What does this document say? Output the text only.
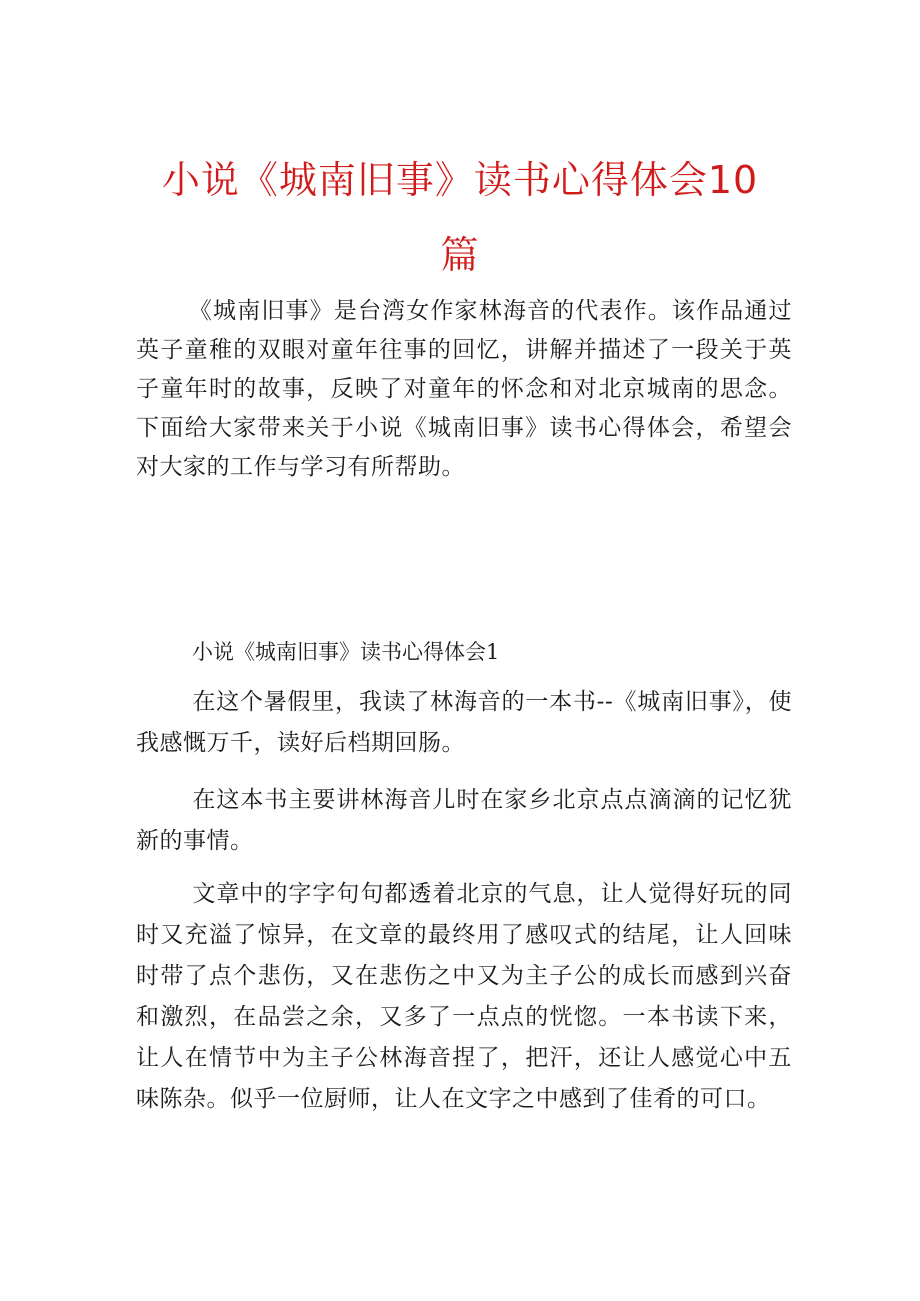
小说《城南旧事》读书心得体会10
篇

《城南旧事》是台湾女作家林海音的代表作。该作品通过英子童稚的双眼对童年往事的回忆，讲解并描述了一段关于英子童年时的故事，反映了对童年的怀念和对北京城南的思念。下面给大家带来关于小说《城南旧事》读书心得体会，希望会对大家的工作与学习有所帮助。

小说《城南旧事》读书心得体会1

在这个暑假里，我读了林海音的一本书--《城南旧事》，使我感慨万千，读好后档期回肠。

在这本书主要讲林海音儿时在家乡北京点点滴滴的记忆犹新的事情。

文章中的字字句句都透着北京的气息，让人觉得好玩的同时又充溢了惊异，在文章的最终用了感叹式的结尾，让人回味时带了点个悲伤，又在悲伤之中又为主子公的成长而感到兴奋和激烈，在品尝之余，又多了一点点的恍惚。一本书读下来，让人在情节中为主子公林海音捏了，把汗，还让人感觉心中五味陈杂。似乎一位厨师，让人在文字之中感到了佳肴的可口。
